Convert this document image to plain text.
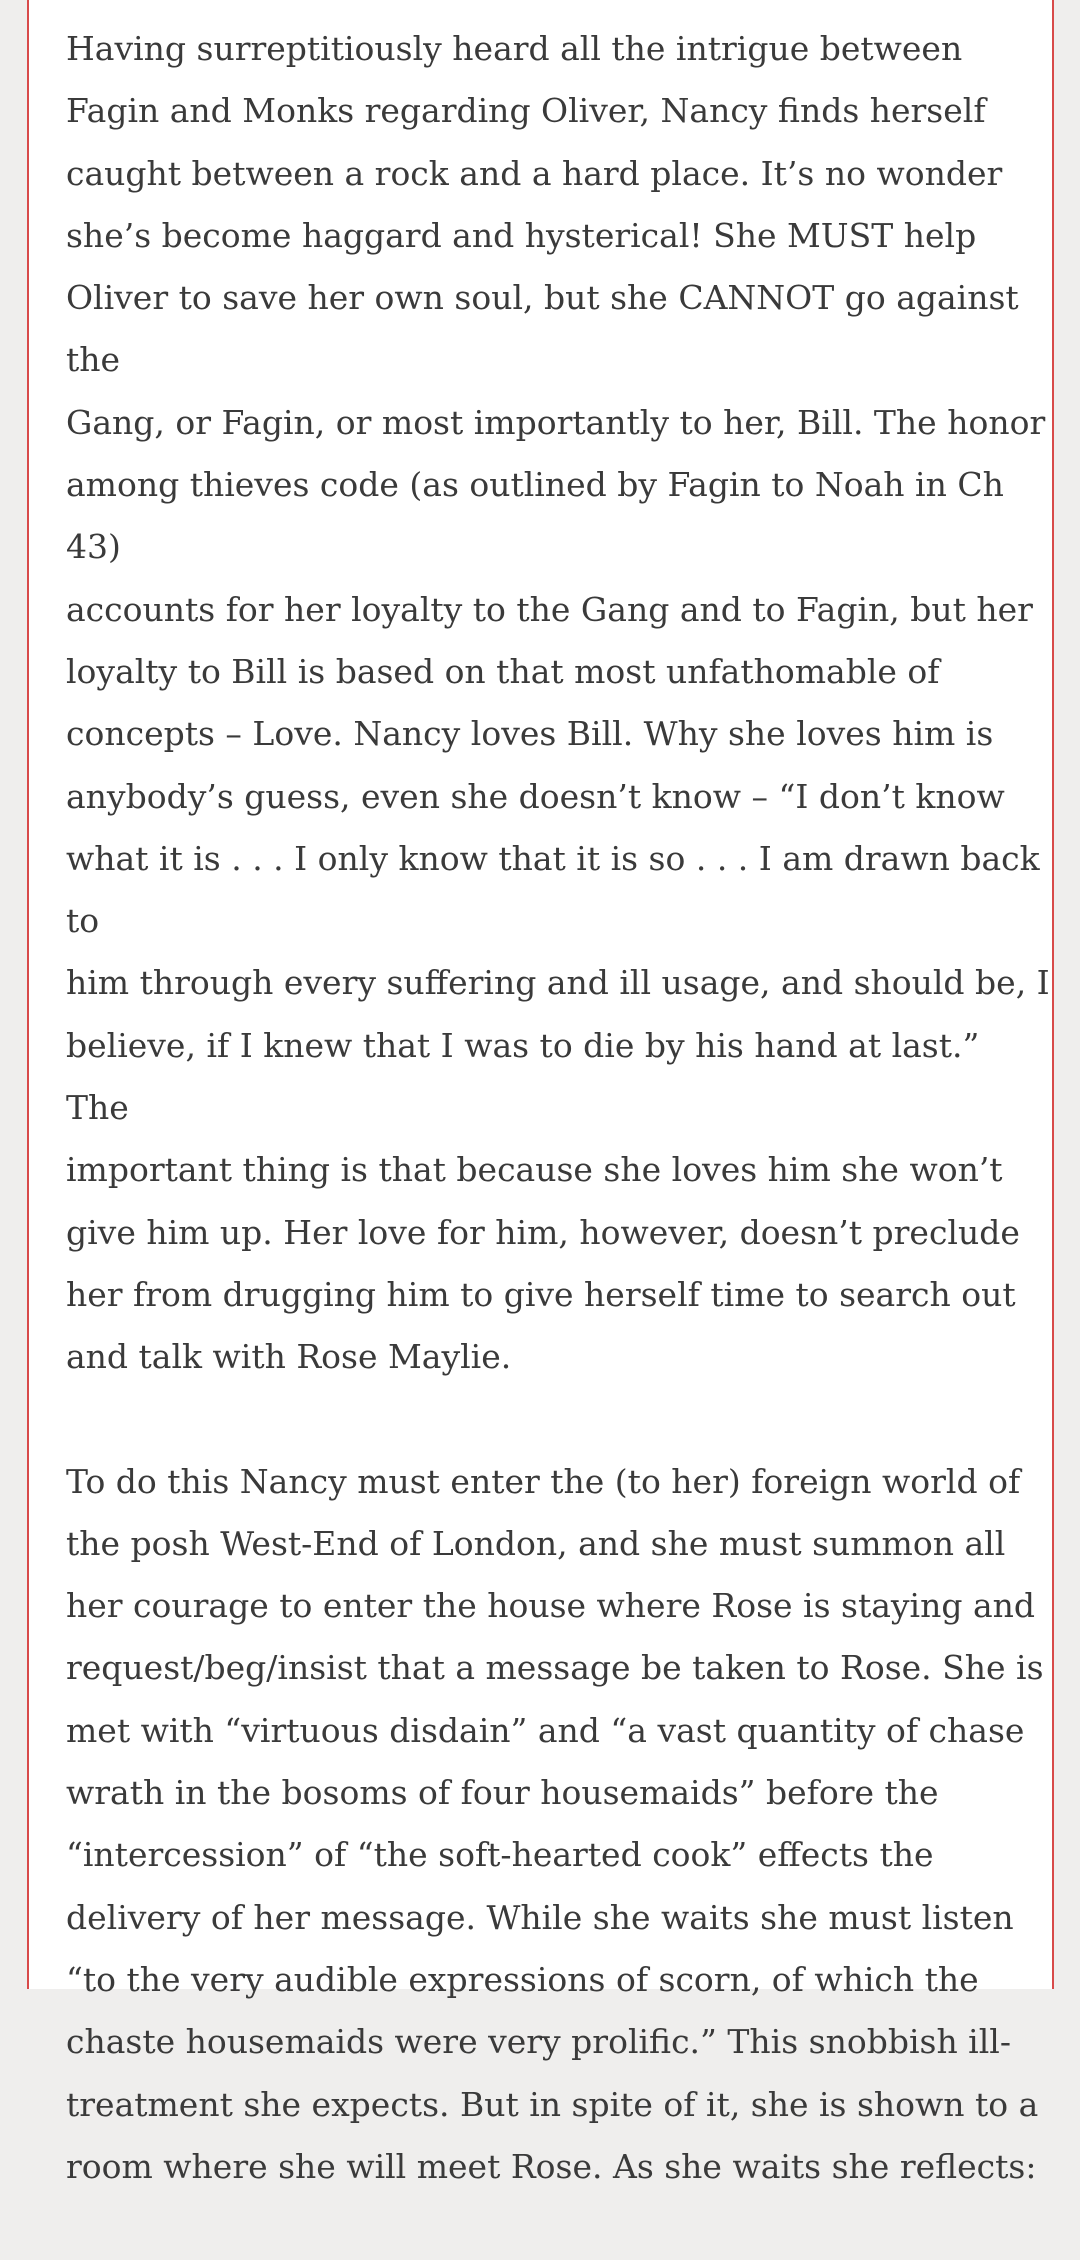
Having surreptitiously heard all the intrigue between
Fagin and Monks regarding Oliver, Nancy finds herself
caught between a rock and a hard place. It’s no wonder
she’s become haggard and hysterical! She MUST help
Oliver to save her own soul, but she CANNOT go against the
Gang, or Fagin, or most importantly to her, Bill. The honor
among thieves code (as outlined by Fagin to Noah in Ch 43)
accounts for her loyalty to the Gang and to Fagin, but her
loyalty to Bill is based on that most unfathomable of
concepts – Love. Nancy loves Bill. Why she loves him is
anybody’s guess, even she doesn’t know – “I don’t know
what it is . . . I only know that it is so . . . I am drawn back to
him through every suffering and ill usage, and should be, I
believe, if I knew that I was to die by his hand at last.” The
important thing is that because she loves him she won’t
give him up. Her love for him, however, doesn’t preclude
her from drugging him to give herself time to search out
and talk with Rose Maylie.

To do this Nancy must enter the (to her) foreign world of
the posh West-End of London, and she must summon all
her courage to enter the house where Rose is staying and
request/beg/insist that a message be taken to Rose. She is
met with “virtuous disdain” and “a vast quantity of chase
wrath in the bosoms of four housemaids” before the
“intercession” of “the soft-hearted cook” effects the
delivery of her message. While she waits she must listen
“to the very audible expressions of scorn, of which the
chaste housemaids were very prolific.” This snobbish ill-
treatment she expects. But in spite of it, she is shown to a
room where she will meet Rose. As she waits she reflects:
